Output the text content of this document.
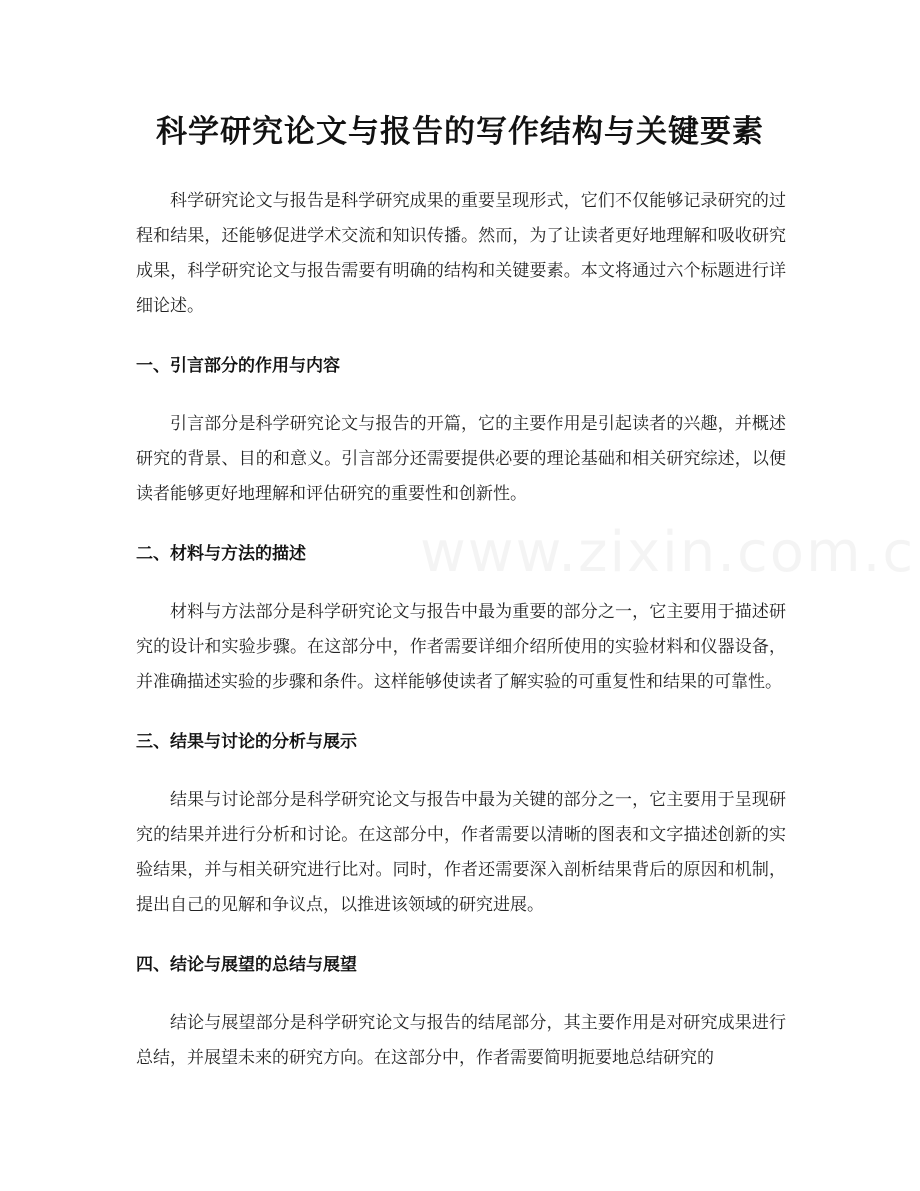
科学研究论文与报告的写作结构与关键要素

科学研究论文与报告是科学研究成果的重要呈现形式，它们不仅能够记录研究的过程和结果，还能够促进学术交流和知识传播。然而，为了让读者更好地理解和吸收研究成果，科学研究论文与报告需要有明确的结构和关键要素。本文将通过六个标题进行详细论述。

一、引言部分的作用与内容

引言部分是科学研究论文与报告的开篇，它的主要作用是引起读者的兴趣，并概述研究的背景、目的和意义。引言部分还需要提供必要的理论基础和相关研究综述，以便读者能够更好地理解和评估研究的重要性和创新性。

二、材料与方法的描述

材料与方法部分是科学研究论文与报告中最为重要的部分之一，它主要用于描述研究的设计和实验步骤。在这部分中，作者需要详细介绍所使用的实验材料和仪器设备，并准确描述实验的步骤和条件。这样能够使读者了解实验的可重复性和结果的可靠性。

三、结果与讨论的分析与展示

结果与讨论部分是科学研究论文与报告中最为关键的部分之一，它主要用于呈现研究的结果并进行分析和讨论。在这部分中，作者需要以清晰的图表和文字描述创新的实验结果，并与相关研究进行比对。同时，作者还需要深入剖析结果背后的原因和机制，提出自己的见解和争议点，以推进该领域的研究进展。

四、结论与展望的总结与展望

结论与展望部分是科学研究论文与报告的结尾部分，其主要作用是对研究成果进行总结，并展望未来的研究方向。在这部分中，作者需要简明扼要地总结研究的
